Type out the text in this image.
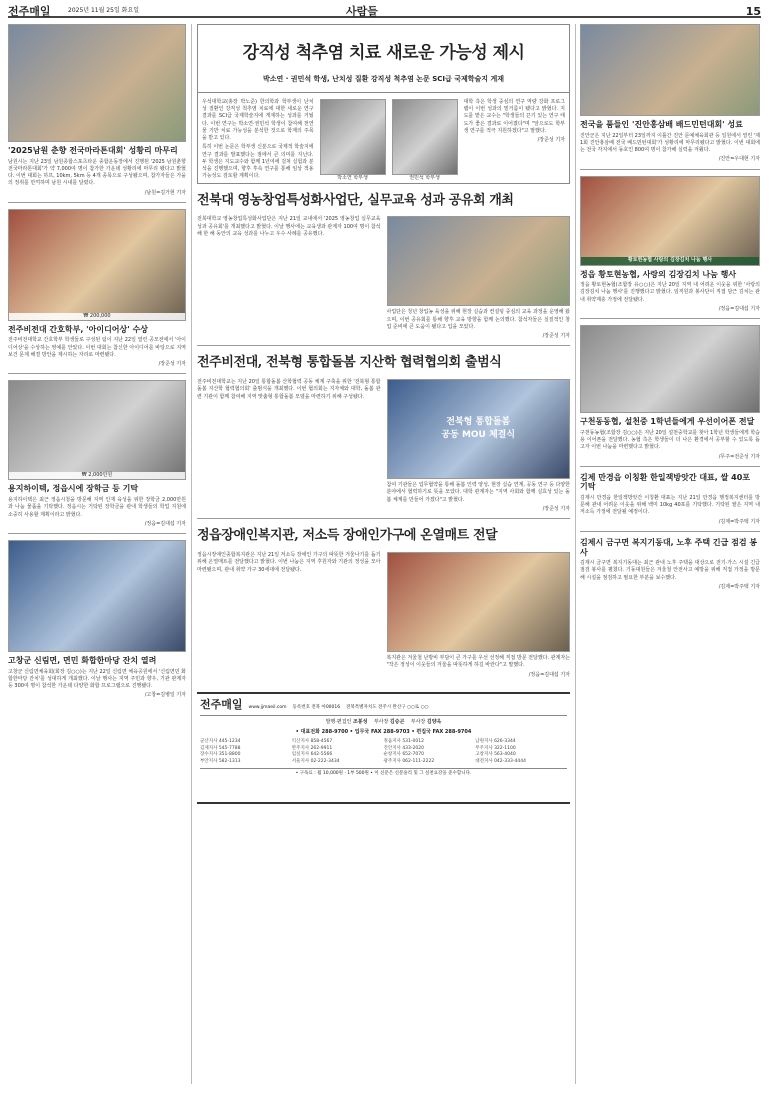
전주매일	2025년 11월 25일 화요일	사람들	15
'2025남원 춘향 전국마라톤대회' 성황리 마무리

남원시는 지난 23일 남원종합스포츠타운 종합운동장에서 진행된 '2025 남원춘향 전국마라톤대회'가 약 7,000여 명이 참가한 가운데 성황리에 마무리 됐다고 밝혔다. 이번 대회는 하프, 10km, 5km 등 4개 종목으로 구성됐으며, 참가자들은 가을의 정취를 만끽하며 남원 시내를 달렸다.

/남원=김가현 기자
₩ 200,000
전주비전대 간호학부, '아이디어상' 수상

전주비전대학교 간호학부 학생들로 구성된 팀이 지난 22일 열린 공모전에서 '아이디어상'을 수상하는 영예를 안았다. 이번 대회는 참신한 아이디어를 바탕으로 지역 보건 문제 해결 방안을 제시하는 자리로 마련됐다.

/장준성 기자
₩ 2,000만원
용지하이텍, 정읍시에 장학금 등 기탁

용지하이텍은 최근 정읍시청을 방문해 지역 인재 육성을 위한 장학금 2,000만원과 나눔 물품을 기탁했다. 정읍시는 기탁된 장학금을 관내 학생들의 학업 지원에 소중히 사용할 계획이라고 밝혔다.

/정읍=김대섭 기자
고창군 신림면, 면민 화합한마당 잔치 열려

고창군 신림면체육회(회장 김○○)는 지난 22일 신림면 체육공원에서 '신림면민 화합한마당 잔치'를 성대하게 개최했다. 이날 행사는 지역 주민과 향우, 기관 관계자 등 300여 명이 참석한 가운데 다양한 화합 프로그램으로 진행됐다.

/고창=김병일 기자
강직성 척추염 치료 새로운 가능성 제시
박소연 · 권민석 학생, 난치성 질환 강직성 척추염 논문 SCI급 국제학술지 게재

우석대학교(총장 박노준) 한의학과 학부생이 난치성 질환인 강직성 척추염 치료에 대한 새로운 연구 결과를 SCI급 국제학술지에 게재하는 성과를 거뒀다. 이번 연구는 박소연·권민석 학생이 참여해 천연물 기반 치료 가능성을 분석한 것으로 학계의 주목을 받고 있다.

특히 이번 논문은 학부생 신분으로 국제적 학술지에 연구 결과를 발표했다는 점에서 큰 의미를 지닌다. 두 학생은 지도교수와 함께 1년여에 걸쳐 실험과 분석을 진행했으며, 향후 후속 연구를 통해 임상 적용 가능성도 검토할 계획이다.	박소연 학부생	권민석 학부생

대학 측은 학생 중심의 연구 역량 강화 프로그램이 이번 성과의 밑거름이 됐다고 밝혔다. 지도를 맡은 교수는 "학생들의 끈기 있는 연구 태도가 좋은 결과로 이어졌다"며 "앞으로도 학부생 연구를 적극 지원하겠다"고 말했다.

/장준성 기자
전북대 영농창업특성화사업단, 실무교육 성과 공유회 개최

전북대학교 영농창업특성화사업단은 지난 21일 교내에서 '2025 영농창업 실무교육 성과 공유회'를 개최했다고 밝혔다. 이날 행사에는 교육생과 관계자 100여 명이 참석해 한 해 동안의 교육 성과를 나누고 우수 사례를 공유했다.

사업단은 청년 창업농 육성을 위해 현장 실습과 컨설팅 중심의 교육 과정을 운영해 왔으며, 이번 공유회를 통해 향후 교육 방향을 함께 논의했다. 참석자들은 실질적인 창업 준비에 큰 도움이 됐다고 입을 모았다.

/장준성 기자
전주비전대, 전북형 통합돌봄 지산학 협력협의회 출범식

전주비전대학교는 지난 20일 통합돌봄 산학협력 공동 체계 구축을 위한 '전북형 통합돌봄 지산학 협력협의회' 출범식을 개최했다. 이번 협의회는 지자체와 대학, 돌봄 관련 기관이 함께 참여해 지역 맞춤형 통합돌봄 모델을 마련하기 위해 구성됐다.

전북형 통합돌봄
공동 MOU 체결식

참여 기관들은 업무협약을 통해 돌봄 인력 양성, 현장 실습 연계, 공동 연구 등 다양한 분야에서 협력하기로 뜻을 모았다. 대학 관계자는 "지역 사회와 함께 실효성 있는 돌봄 체계를 만들어 가겠다"고 밝혔다.

/장준성 기자
정읍장애인복지관, 저소득 장애인가구에 온열매트 전달

정읍시장애인종합복지관은 지난 21일 저소득 장애인 가구의 따뜻한 겨울나기를 돕기 위해 온열매트를 전달했다고 밝혔다. 이번 나눔은 지역 후원자와 기관의 정성을 모아 마련됐으며, 관내 취약 가구 30세대에 전달됐다.

복지관은 겨울철 난방비 부담이 큰 가구를 우선 선정해 직접 방문 전달했다. 관계자는 "작은 정성이 이웃들의 겨울을 따뜻하게 하길 바란다"고 말했다.

/정읍=김대섭 기자
전주매일 www.jjmaeil.com 등록번호 전북 아00016 전북특별자치도 전주시 완산구 ○○로 ○○
발행·편집인 조봉성 부사장 김승곤 부사장 김양옥
• 대표전화 288-9700 • 업무국 FAX 288-9703 • 편집국 FAX 288-9704
군산지사 445-1234	익산지사 858-4567	정읍지사 531-0012	남원지사 626-3344
김제지사 545-7788	완주지사 262-9911	진안지사 433-2020	무주지사 322-1100
장수지사 351-8800	임실지사 642-5566	순창지사 652-7070	고창지사 563-4040
부안지사 582-1313	서울지사 02-222-3434	광주지사 062-111-2222	대전지사 042-333-4444
• 구독료 : 월 10,000원 · 1부 500원 • 이 신문은 신문윤리 및 그 실천요강을 준수합니다.
전국을 품들인 '진안홍삼배 배드민턴대회' 성료

진안군은 지난 22일부터 23일까지 이틀간 진안 문예체육회관 등 일원에서 열린 '제1회 진안홍삼배 전국 배드민턴대회'가 성황리에 마무리됐다고 밝혔다. 이번 대회에는 전국 각지에서 동호인 800여 명이 참가해 실력을 겨뤘다.

/진안=우대현 기자
황토현농협 사랑의 김장김치 나눔 행사
정읍 황토현농협, 사랑의 김장김치 나눔 행사

정읍 황토현농협(조합장 유○○)은 지난 20일 지역 내 어려운 이웃을 위한 '사랑의 김장김치 나눔 행사'를 진행했다고 밝혔다. 임직원과 봉사단이 직접 담근 김치는 관내 취약계층 가정에 전달됐다.

/정읍=김대섭 기자
구천동동협, 설천중 1학년들에게 우선이어폰 전달

구천동농협(조합장 김○○)은 지난 20일 설천중학교를 찾아 1학년 학생들에게 학습용 이어폰을 전달했다. 농협 측은 학생들이 더 나은 환경에서 공부할 수 있도록 돕고자 이번 나눔을 마련했다고 밝혔다.

/무주=전준성 기자
김제 만경읍 이칭환 한일잭방앗간 대표, 쌀 40포 기탁

김제시 만경읍 한일잭방앗간 이칭환 대표는 지난 21일 만경읍 행정복지센터를 방문해 관내 어려운 이웃을 위해 백미 10kg 40포를 기탁했다. 기탁된 쌀은 지역 내 저소득 가정에 전달될 예정이다.

/김제=박주택 기자
김제시 금구면 복지기동대, 노후 주택 긴급 점검 봉사

김제시 금구면 복지기동대는 최근 관내 노후 주택을 대상으로 전기·가스 시설 긴급 점검 봉사를 펼쳤다. 기동대원들은 겨울철 안전사고 예방을 위해 직접 가정을 방문해 시설을 점검하고 필요한 부분을 보수했다.

/김제=박주택 기자
